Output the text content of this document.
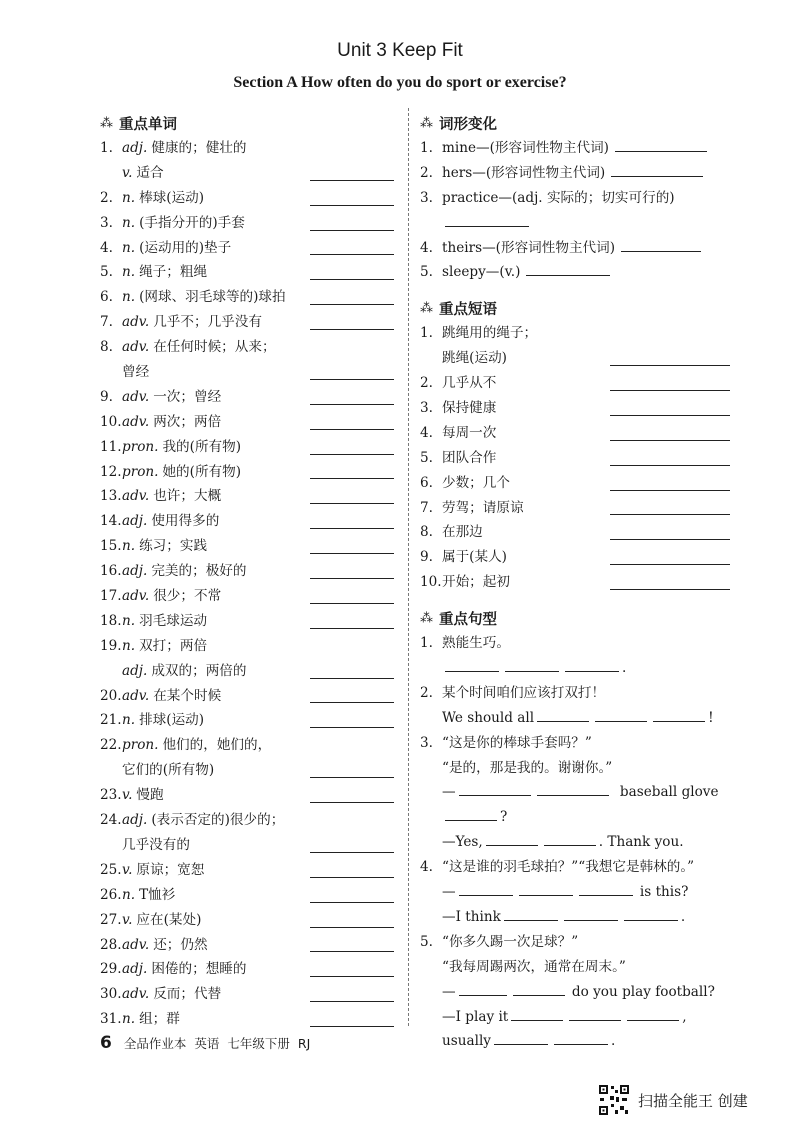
Unit 3 Keep Fit
Section A How often do you do sport or exercise?
⁂ 重点单词
1. adj. 健康的；健壮的
v. 适合
2. n. 棒球(运动)
3. n. (手指分开的)手套
4. n. (运动用的)垫子
5. n. 绳子；粗绳
6. n. (网球、羽毛球等的)球拍
7. adv. 几乎不；几乎没有
8. adv. 在任何时候；从来；
曾经
9. adv. 一次；曾经
10.adv. 两次；两倍
11.pron. 我的(所有物)
12.pron. 她的(所有物)
13.adv. 也许；大概
14.adj. 使用得多的
15.n. 练习；实践
16.adj. 完美的；极好的
17.adv. 很少；不常
18.n. 羽毛球运动
19.n. 双打；两倍
adj. 成双的；两倍的
20.adv. 在某个时候
21.n. 排球(运动)
22.pron. 他们的，她们的，
它们的(所有物)
23.v. 慢跑
24.adj. (表示否定的)很少的；
几乎没有的
25.v. 原谅；宽恕
26.n. T恤衫
27.v. 应在(某处)
28.adv. 还；仍然
29.adj. 困倦的；想睡的
30.adv. 反而；代替
31.n. 组；群
⁂ 词形变化
1. mine—(形容词性物主代词)
2. hers—(形容词性物主代词)
3. practice—(adj. 实际的；切实可行的)
4. theirs—(形容词性物主代词)
5. sleepy—(v.)
⁂ 重点短语
1. 跳绳用的绳子；
跳绳(运动)
2. 几乎从不
3. 保持健康
4. 每周一次
5. 团队合作
6. 少数；几个
7. 劳驾；请原谅
8. 在那边
9. 属于(某人)
10.开始；起初
⁂ 重点句型
1. 熟能生巧。
.
2. 某个时间咱们应该打双打！
We should all	!
3. “这是你的棒球手套吗？”
“是的，那是我的。谢谢你。”
—	baseball glove
?
—Yes,	. Thank you.
4. “这是谁的羽毛球拍？”“我想它是韩林的。”
—	is this?
—I think	.
5. “你多久踢一次足球？”
“我每周踢两次，通常在周末。”
—	do you play football?
—I play it	,
usually	.
6 全品作业本 英语 七年级下册 RJ
扫描全能王 创建
